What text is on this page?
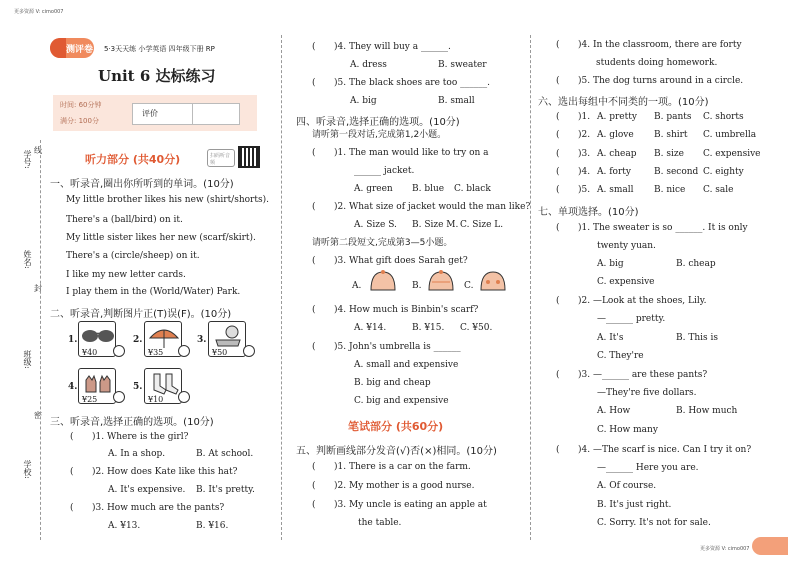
更多资源 V: cimo007
学号:
姓名:
班级:
学校:
线
封
密
测评卷 5·3天天练 小学英语 四年级下册 RP
Unit 6 达标练习
时间: 60分钟
满分: 100分
评价
听力部分 (共40分)	扫码听音频
一、听录音,圈出你所听到的单词。(10分)
My little brother likes his new (shirt/shorts).
There's a (ball/bird) on it.
My little sister likes her new (scarf/skirt).
There's a (circle/sheep) on it.
I like my new letter cards.
I play them in the (World/Water) Park.
二、听录音,判断图片正(T)误(F)。(10分)
1.
¥40
2.
¥35
3.
¥50
4.
¥25
5.
¥10
三、听录音,选择正确的选项。(10分)
( )1. Where is the girl?
A. In a shop.	B. At school.
( )2. How does Kate like this hat?
A. It's expensive. B. It's pretty.
( )3. How much are the pants?
A. ¥13.	B. ¥16.
( )4. They will buy a ______.
A. dress	B. sweater
( )5. The black shoes are too ______.
A. big	B. small
四、听录音,选择正确的选项。(10分)
请听第一段对话,完成第1,2小题。
( )1. The man would like to try on a
______ jacket.
A. green B. blue C. black
( )2. What size of jacket would the man like?
A. Size S. B. Size M. C. Size L.
请听第二段短文,完成第3—5小题。
( )3. What gift does Sarah get?
A.	B.	C.
( )4. How much is Binbin's scarf?
A. ¥14.	B. ¥15. C. ¥50.
( )5. John's umbrella is ______
A. small and expensive
B. big and cheap
C. big and expensive
笔试部分 (共60分)
五、判断画线部分发音(√)否(×)相同。(10分)
( )1. There is a car on the farm.
( )2. My mother is a good nurse.
( )3. My uncle is eating an apple at
the table.
( )4. In the classroom, there are forty
students doing homework.
( )5. The dog turns around in a circle.
六、选出每组中不同类的一项。(10分)
( )1. A. pretty B. pants C. shorts
( )2. A. glove B. shirt C. umbrella
( )3. A. cheap B. size C. expensive
( )4. A. forty	B. second C. eighty
( )5. A. small B. nice C. sale
七、单项选择。(10分)
( )1. The sweater is so ______. It is only
twenty yuan.
A. big	B. cheap
C. expensive
( )2. —Look at the shoes, Lily.
—______ pretty.
A. It's	B. This is
C. They're
( )3. —______ are these pants?
—They're five dollars.
A. How	B. How much
C. How many
( )4. —The scarf is nice. Can I try it on?
—______ Here you are.
A. Of course.
B. It's just right.
C. Sorry. It's not for sale.
更多资源 V: cimo007
